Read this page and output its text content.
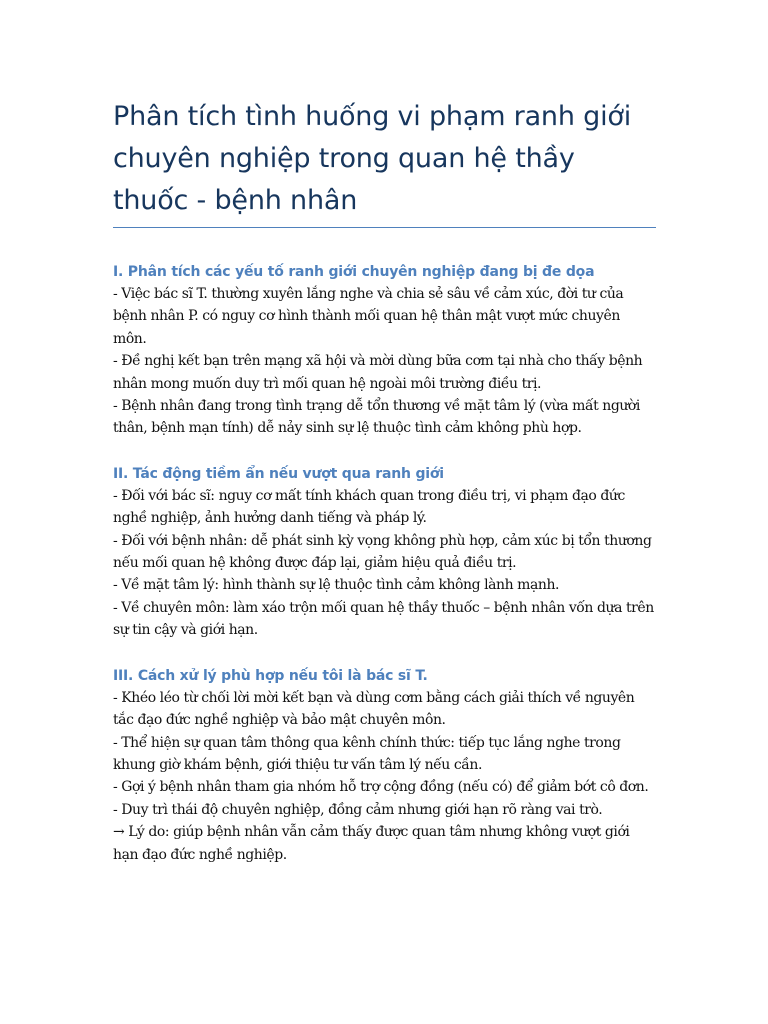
Phân tích tình huống vi phạm ranh giới chuyên nghiệp trong quan hệ thầy thuốc - bệnh nhân
I. Phân tích các yếu tố ranh giới chuyên nghiệp đang bị đe dọa

- Việc bác sĩ T. thường xuyên lắng nghe và chia sẻ sâu về cảm xúc, đời tư của bệnh nhân P. có nguy cơ hình thành mối quan hệ thân mật vượt mức chuyên môn.

- Đề nghị kết bạn trên mạng xã hội và mời dùng bữa cơm tại nhà cho thấy bệnh nhân mong muốn duy trì mối quan hệ ngoài môi trường điều trị.

- Bệnh nhân đang trong tình trạng dễ tổn thương về mặt tâm lý (vừa mất người thân, bệnh mạn tính) dễ nảy sinh sự lệ thuộc tình cảm không phù hợp.

II. Tác động tiềm ẩn nếu vượt qua ranh giới

- Đối với bác sĩ: nguy cơ mất tính khách quan trong điều trị, vi phạm đạo đức nghề nghiệp, ảnh hưởng danh tiếng và pháp lý.

- Đối với bệnh nhân: dễ phát sinh kỳ vọng không phù hợp, cảm xúc bị tổn thương nếu mối quan hệ không được đáp lại, giảm hiệu quả điều trị.

- Về mặt tâm lý: hình thành sự lệ thuộc tình cảm không lành mạnh.

- Về chuyên môn: làm xáo trộn mối quan hệ thầy thuốc – bệnh nhân vốn dựa trên sự tin cậy và giới hạn.

III. Cách xử lý phù hợp nếu tôi là bác sĩ T.

- Khéo léo từ chối lời mời kết bạn và dùng cơm bằng cách giải thích về nguyên tắc đạo đức nghề nghiệp và bảo mật chuyên môn.

- Thể hiện sự quan tâm thông qua kênh chính thức: tiếp tục lắng nghe trong khung giờ khám bệnh, giới thiệu tư vấn tâm lý nếu cần.

- Gợi ý bệnh nhân tham gia nhóm hỗ trợ cộng đồng (nếu có) để giảm bớt cô đơn.

- Duy trì thái độ chuyên nghiệp, đồng cảm nhưng giới hạn rõ ràng vai trò.

→ Lý do: giúp bệnh nhân vẫn cảm thấy được quan tâm nhưng không vượt giới hạn đạo đức nghề nghiệp.
